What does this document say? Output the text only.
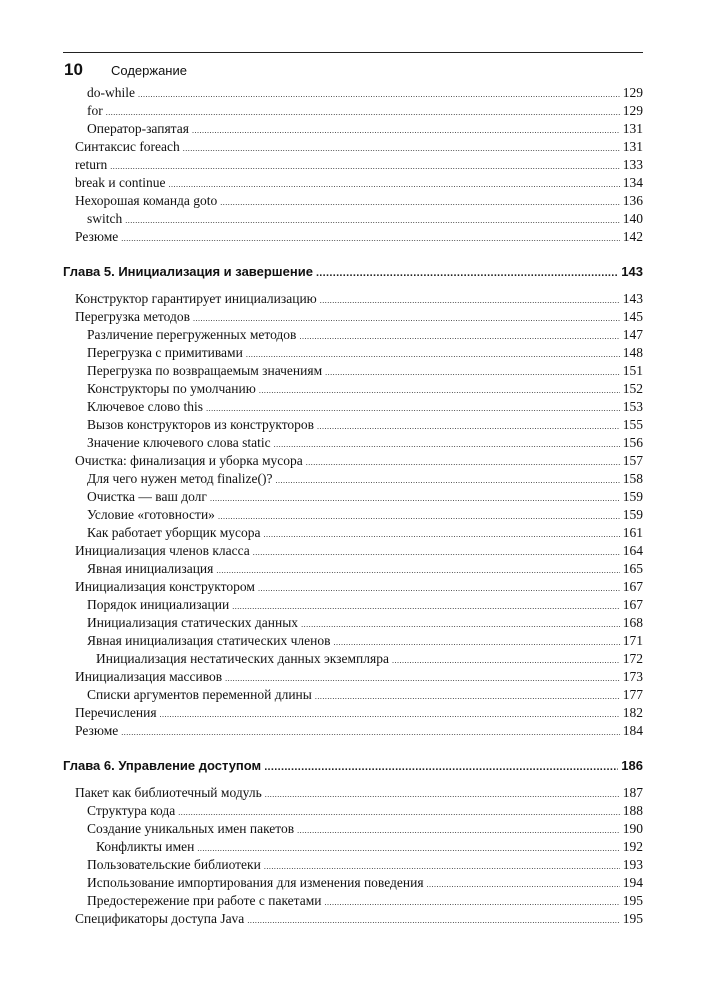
10 Содержание
do-while .....	129
for .....	129
Оператор-запятая .....	131
Синтаксис foreach .....	131
return .....	133
break и continue .....	134
Нехорошая команда goto .....	136
switch .....	140
Резюме .....	142
Глава 5. Инициализация и завершение .....	143
Конструктор гарантирует инициализацию .....	143
Перегрузка методов .....	145
Различение перегруженных методов .....	147
Перегрузка с примитивами .....	148
Перегрузка по возвращаемым значениям .....	151
Конструкторы по умолчанию .....	152
Ключевое слово this .....	153
Вызов конструкторов из конструкторов .....	155
Значение ключевого слова static .....	156
Очистка: финализация и уборка мусора .....	157
Для чего нужен метод finalize()? .....	158
Очистка — ваш долг .....	159
Условие «готовности» .....	159
Как работает уборщик мусора .....	161
Инициализация членов класса .....	164
Явная инициализация .....	165
Инициализация конструктором .....	167
Порядок инициализации .....	167
Инициализация статических данных .....	168
Явная инициализация статических членов .....	171
Инициализация нестатических данных экземпляра .....	172
Инициализация массивов .....	173
Списки аргументов переменной длины .....	177
Перечисления .....	182
Резюме .....	184
Глава 6. Управление доступом .....	186
Пакет как библиотечный модуль .....	187
Структура кода .....	188
Создание уникальных имен пакетов .....	190
Конфликты имен .....	192
Пользовательские библиотеки .....	193
Использование импортирования для изменения поведения .....	194
Предостережение при работе с пакетами .....	195
Спецификаторы доступа Java .....	195
